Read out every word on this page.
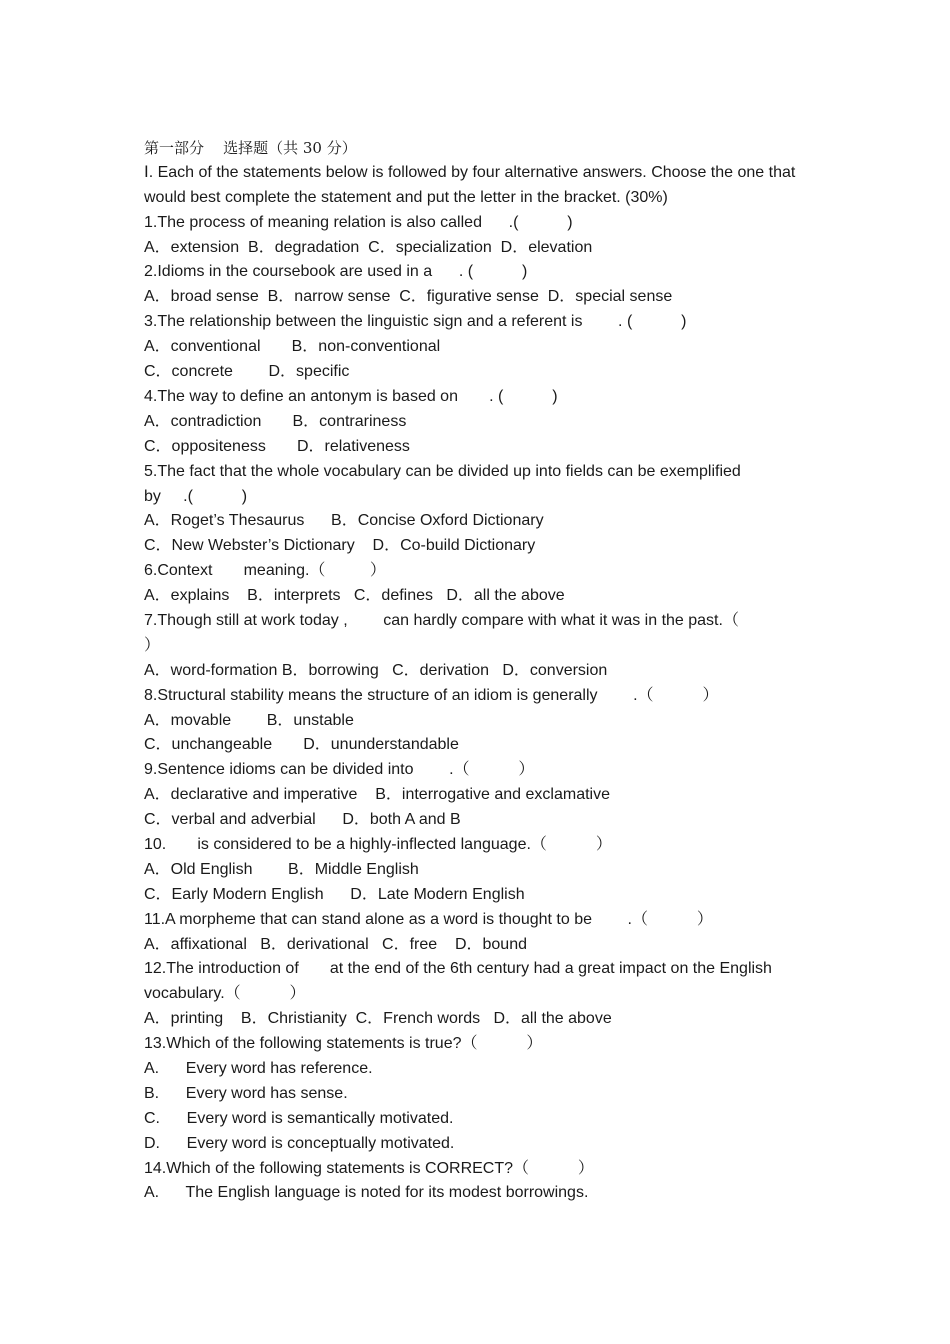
第一部分    选择题（共 30 分）
Ⅰ. Each of the statements below is followed by four alternative answers. Choose the one that would best complete the statement and put the letter in the bracket. (30%)
1.The process of meaning relation is also called      .(           )
A．extension  B．degradation  C．specialization  D．elevation
2.Idioms in the coursebook are used in a      . (           )
A．broad sense  B．narrow sense  C．figurative sense  D．special sense
3.The relationship between the linguistic sign and a referent is        . (           )
A．conventional       B．non-conventional
C．concrete        D．specific
4.The way to define an antonym is based on       . (           )
A．contradiction       B．contrariness
C．oppositeness       D．relativeness
5.The fact that the whole vocabulary can be divided up into fields can be exemplified
by     .(           )
A．Roget’s Thesaurus      B．Concise Oxford Dictionary
C．New Webster’s Dictionary    D．Co-build Dictionary
6.Context       meaning.（          ）
A．explains    B．interprets   C．defines   D．all the above
7.Though still at work today ,        can hardly compare with what it was in the past.（
）
A．word-formation B．borrowing   C．derivation   D．conversion
8.Structural stability means the structure of an idiom is generally        .（           ）
A．movable        B．unstable
C．unchangeable       D．ununderstandable
9.Sentence idioms can be divided into        .（           ）
A．declarative and imperative    B．interrogative and exclamative
C．verbal and adverbial      D．both A and B
10.       is considered to be a highly-inflected language.（           ）
A．Old English        B．Middle English
C．Early Modern English      D．Late Modern English
11.A morpheme that can stand alone as a word is thought to be        .（           ）
A．affixational   B．derivational   C．free    D．bound
12.The introduction of       at the end of the 6th century had a great impact on the English
vocabulary.（           ）
A．printing    B．Christianity  C．French words   D．all the above
13.Which of the following statements is true?（           ）
A.      Every word has reference.
B.      Every word has sense.
C.      Every word is semantically motivated.
D.      Every word is conceptually motivated.
14.Which of the following statements is CORRECT?（           ）
A.      The English language is noted for its modest borrowings.
